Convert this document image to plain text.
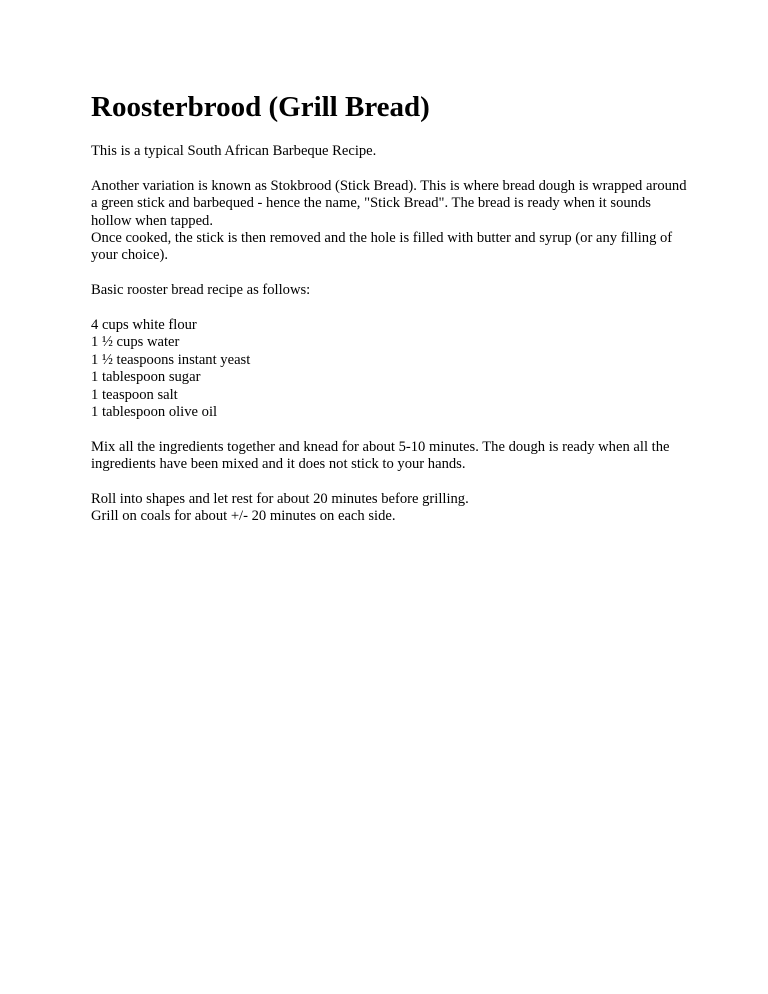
Roosterbrood (Grill Bread)

This is a typical South African Barbeque Recipe.

Another variation is known as Stokbrood (Stick Bread). This is where bread dough is wrapped around a green stick and barbequed - hence the name, "Stick Bread". The bread is ready when it sounds hollow when tapped.
Once cooked, the stick is then removed and the hole is filled with butter and syrup (or any filling of your choice).

Basic rooster bread recipe as follows:

4 cups white flour
1 ½ cups water
1 ½ teaspoons instant yeast
1 tablespoon sugar
1 teaspoon salt
1 tablespoon olive oil

Mix all the ingredients together and knead for about 5-10 minutes. The dough is ready when all the ingredients have been mixed and it does not stick to your hands.

Roll into shapes and let rest for about 20 minutes before grilling.
Grill on coals for about +/- 20 minutes on each side.
